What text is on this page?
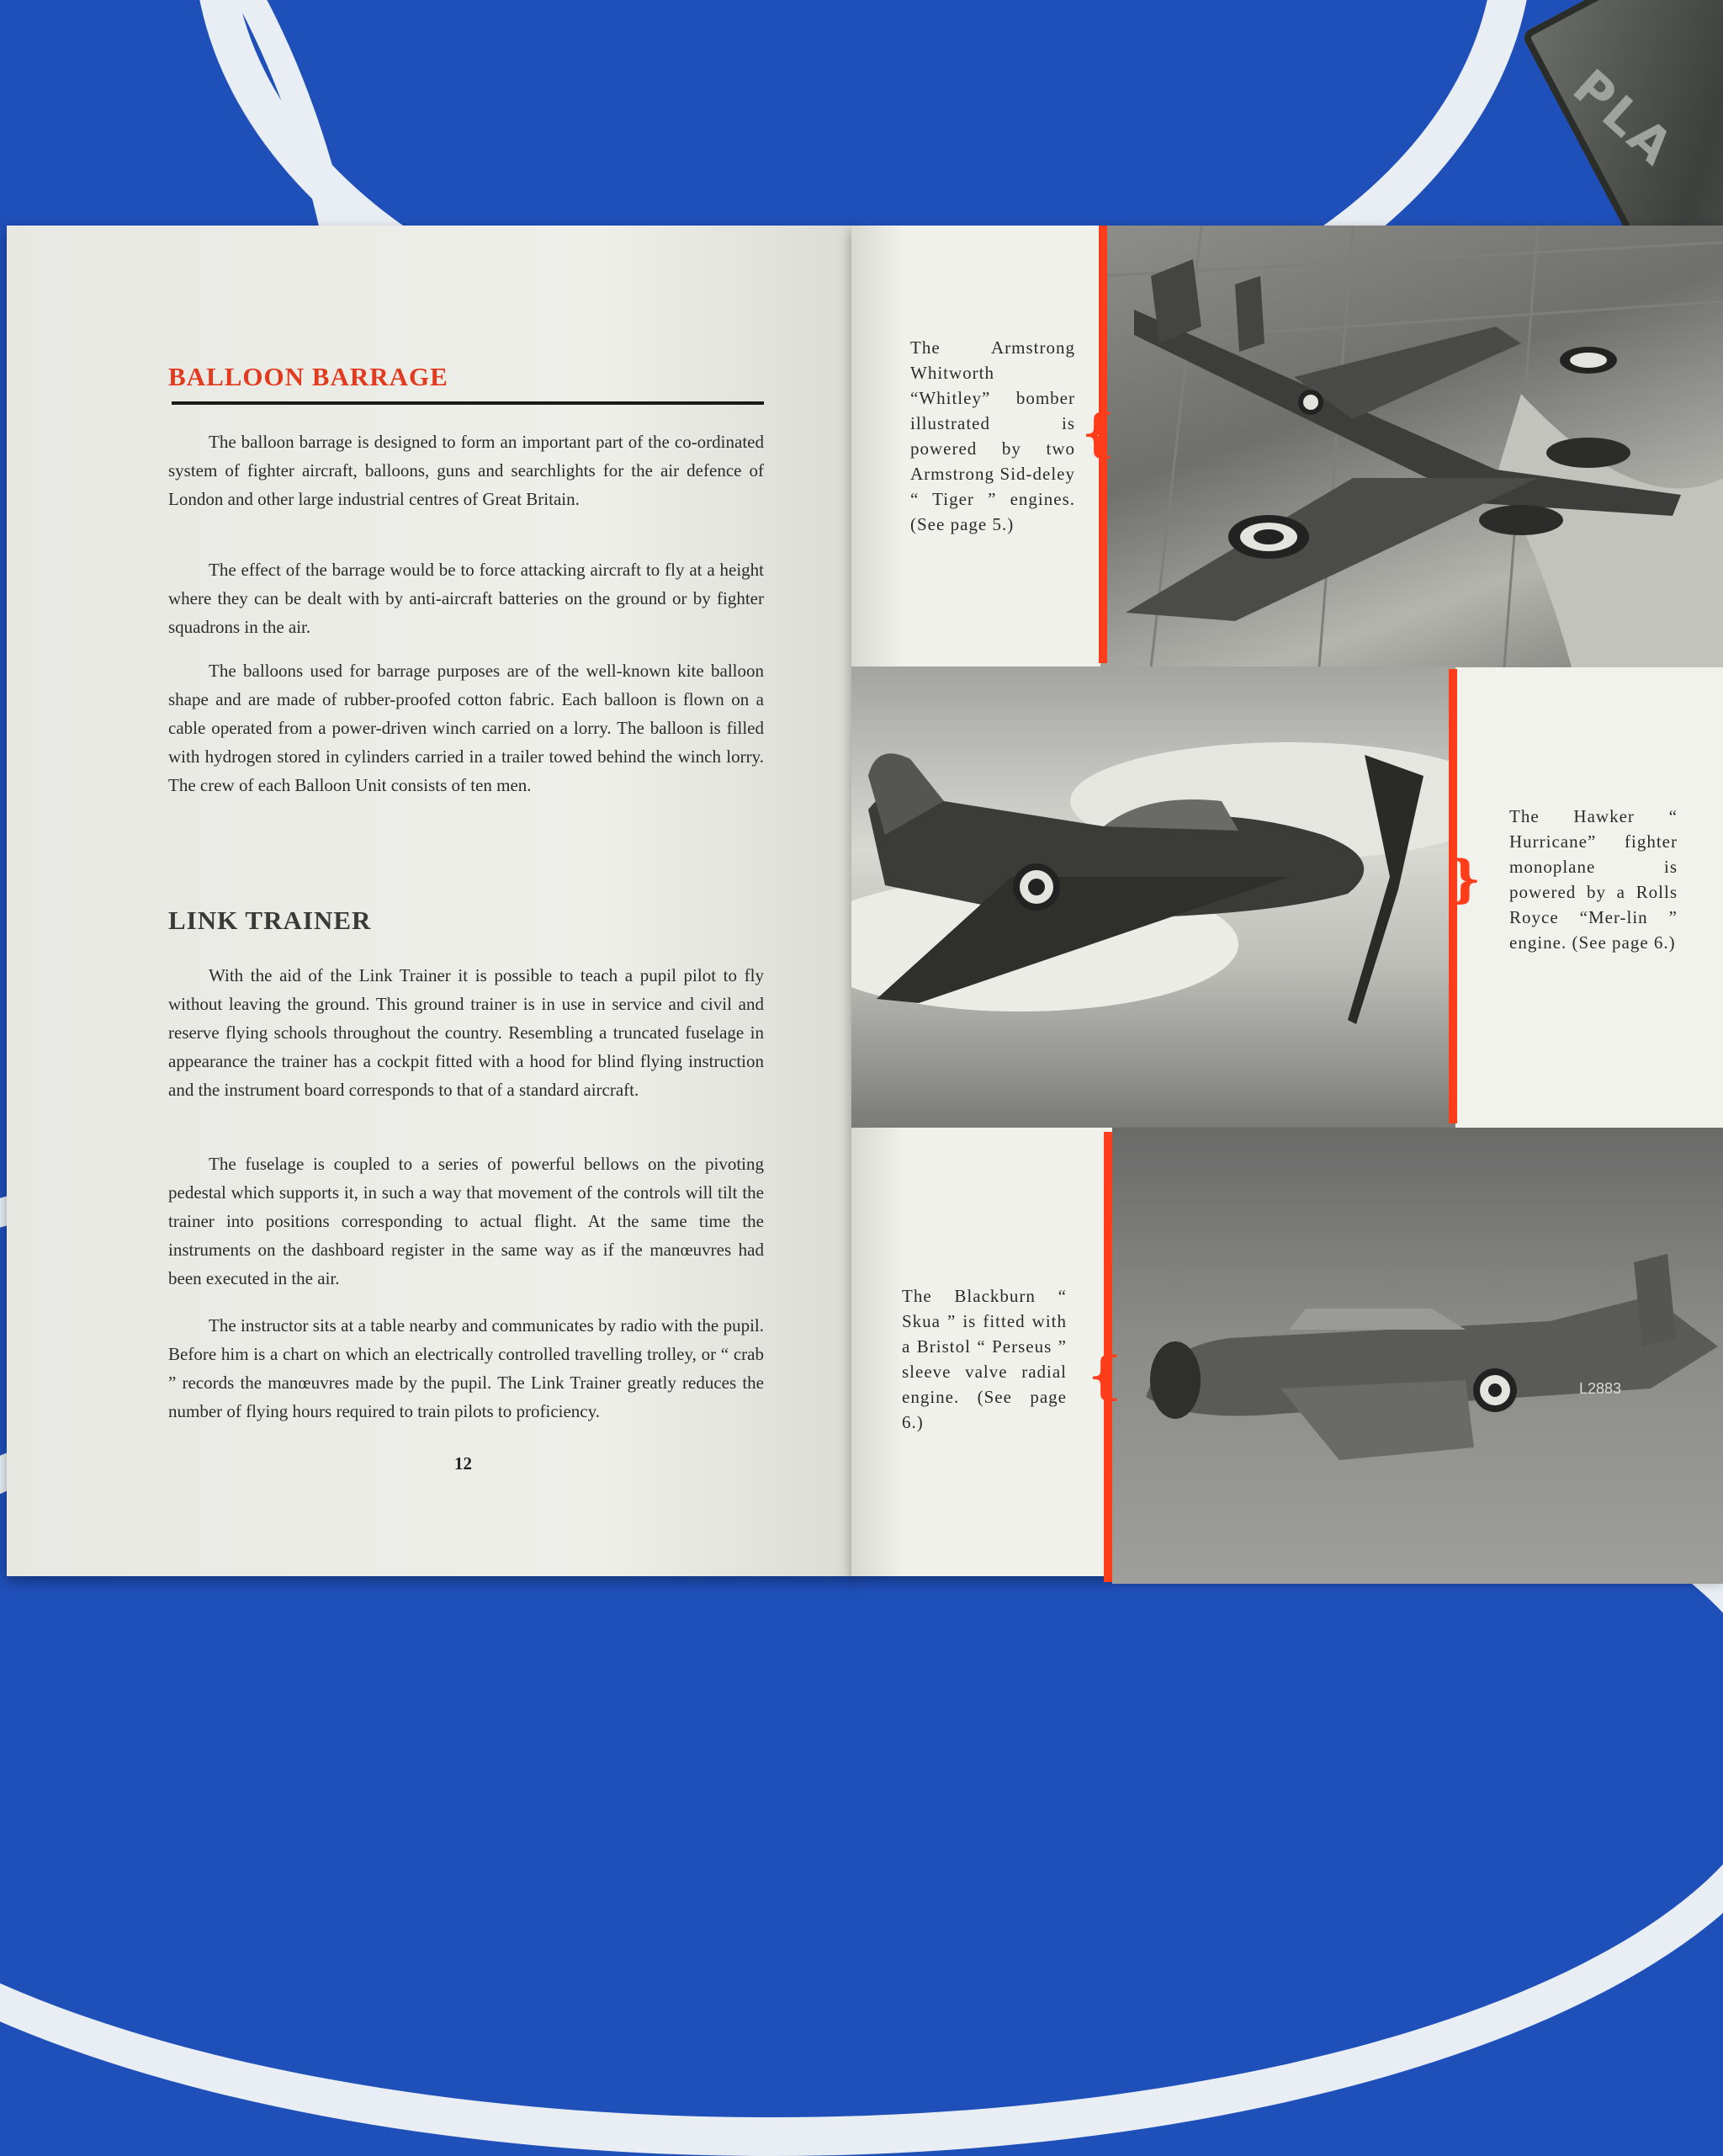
PLA
BALLOON BARRAGE

The balloon barrage is designed to form an important part of the co-ordinated system of fighter aircraft, balloons, guns and searchlights for the air defence of London and other large industrial centres of Great Britain.

The effect of the barrage would be to force attacking aircraft to fly at a height where they can be dealt with by anti-aircraft batteries on the ground or by fighter squadrons in the air.

The balloons used for barrage purposes are of the well-known kite balloon shape and are made of rubber-proofed cotton fabric. Each balloon is flown on a cable operated from a power-driven winch carried on a lorry. The balloon is filled with hydrogen stored in cylinders carried in a trailer towed behind the winch lorry. The crew of each Balloon Unit consists of ten men.

LINK TRAINER

With the aid of the Link Trainer it is possible to teach a pupil pilot to fly without leaving the ground. This ground trainer is in use in service and civil and reserve flying schools throughout the country. Resembling a truncated fuselage in appearance the trainer has a cockpit fitted with a hood for blind flying instruction and the instrument board corresponds to that of a standard aircraft.

The fuselage is coupled to a series of powerful bellows on the pivoting pedestal which supports it, in such a way that movement of the controls will tilt the trainer into positions corresponding to actual flight. At the same time the instruments on the dashboard register in the same way as if the manœuvres had been executed in the air.

The instructor sits at a table nearby and communicates by radio with the pupil. Before him is a chart on which an electrically controlled travelling trolley, or “ crab ” records the manœuvres made by the pupil. The Link Trainer greatly reduces the number of flying hours required to train pilots to proficiency.

12
{

The Armstrong Whitworth “Whitley” bomber illustrated is powered by two Armstrong Sid-deley “ Tiger ” engines. (See page 5.)

{

The Hawker “ Hurricane” fighter monoplane is powered by a Rolls Royce “Mer-lin ” engine. (See page 6.)

L2883
{

The Blackburn “ Skua ” is fitted with a Bristol “ Perseus ” sleeve valve radial engine. (See page 6.)
